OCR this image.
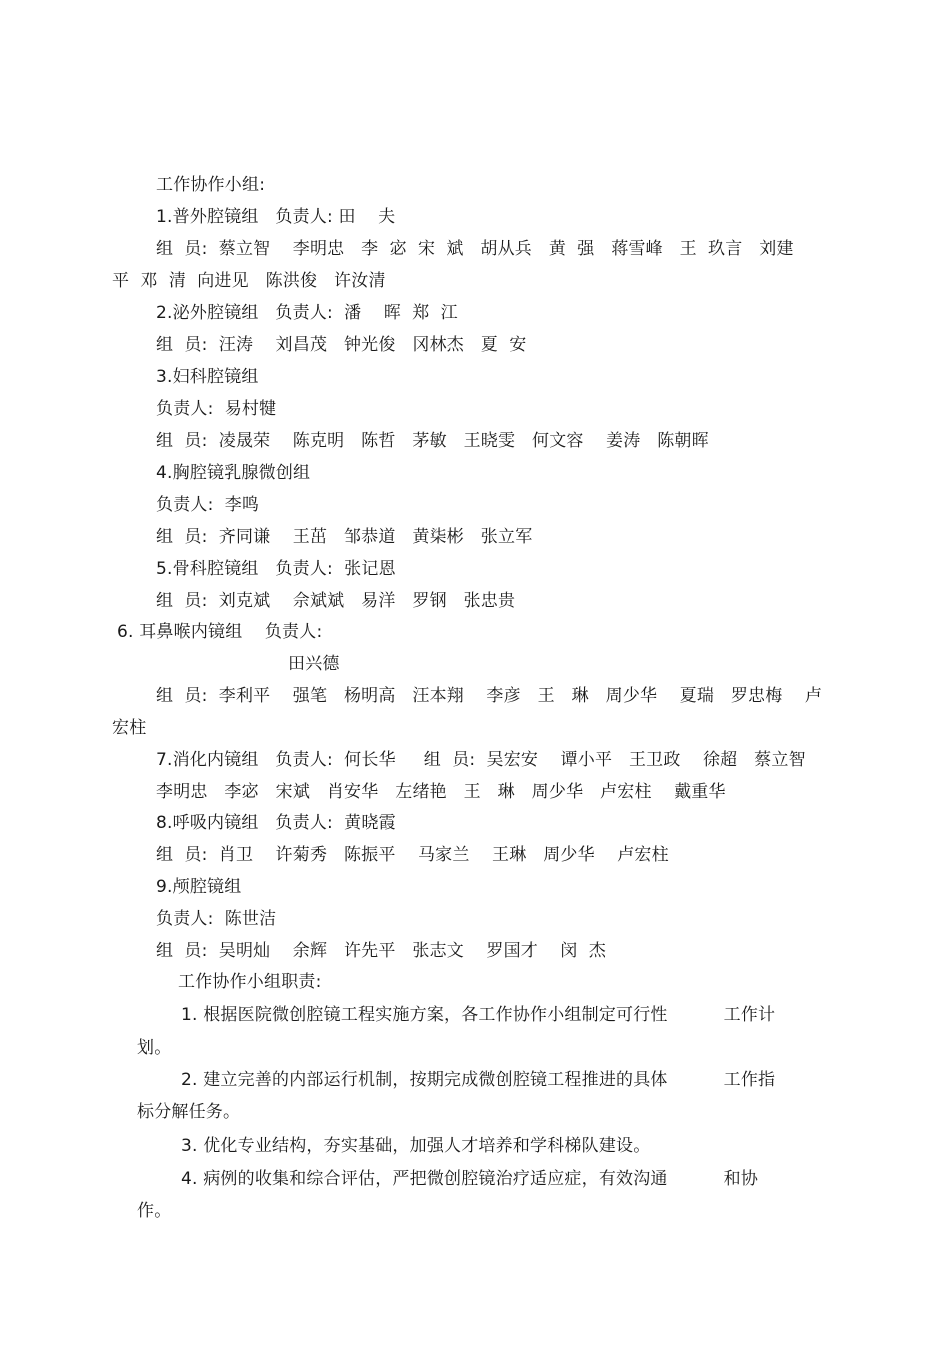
工作协作小组:
1.普外腔镜组   负责人: 田    夫
组  员:  蔡立智    李明忠   李  宓  宋  斌   胡从兵   黄  强   蒋雪峰   王  玖言   刘建
平  邓  清  向进见   陈洪俊   许汝清
2.泌外腔镜组   负责人:  潘    晖  郑  江
组  员:  汪涛    刘昌茂   钟光俊   冈林杰   夏  安
3.妇科腔镜组
负责人:  易村犍
组  员:  凌晟荣    陈克明   陈哲   茅敏   王晓雯   何文容    姜涛   陈朝晖
4.胸腔镜乳腺微创组
负责人:  李鸣
组  员:  齐同谦    王茁   邹恭道   黄柒彬   张立军
5.骨科腔镜组   负责人:  张记恩
组  员:  刘克斌    佘斌斌   易洋   罗钢   张忠贵
6. 耳鼻喉内镜组    负责人:
田兴德
组  员:  李利平    强笔   杨明高   汪本翔    李彦   王   琳   周少华    夏瑞   罗忠梅    卢
宏柱
7.消化内镜组   负责人:  何长华     组  员:  吴宏安    谭小平   王卫政    徐超   蔡立智
李明忠   李宓   宋斌   肖安华   左绪艳   王   琳   周少华   卢宏柱    戴重华
8.呼吸内镜组   负责人:  黄晓霞
组  员:  肖卫    许菊秀   陈振平    马家兰    王琳   周少华    卢宏柱
9.颅腔镜组
负责人:  陈世洁
组  员:  吴明灿    余辉   许先平   张志文    罗国才    闵  杰
工作协作小组职责:
1. 根据医院微创腔镜工程实施方案，各工作协作小组制定可行性          工作计
划。
2. 建立完善的内部运行机制，按期完成微创腔镜工程推进的具体          工作指
标分解任务。
3. 优化专业结构，夯实基础，加强人才培养和学科梯队建设。
4. 病例的收集和综合评估，严把微创腔镜治疗适应症，有效沟通          和协
作。
